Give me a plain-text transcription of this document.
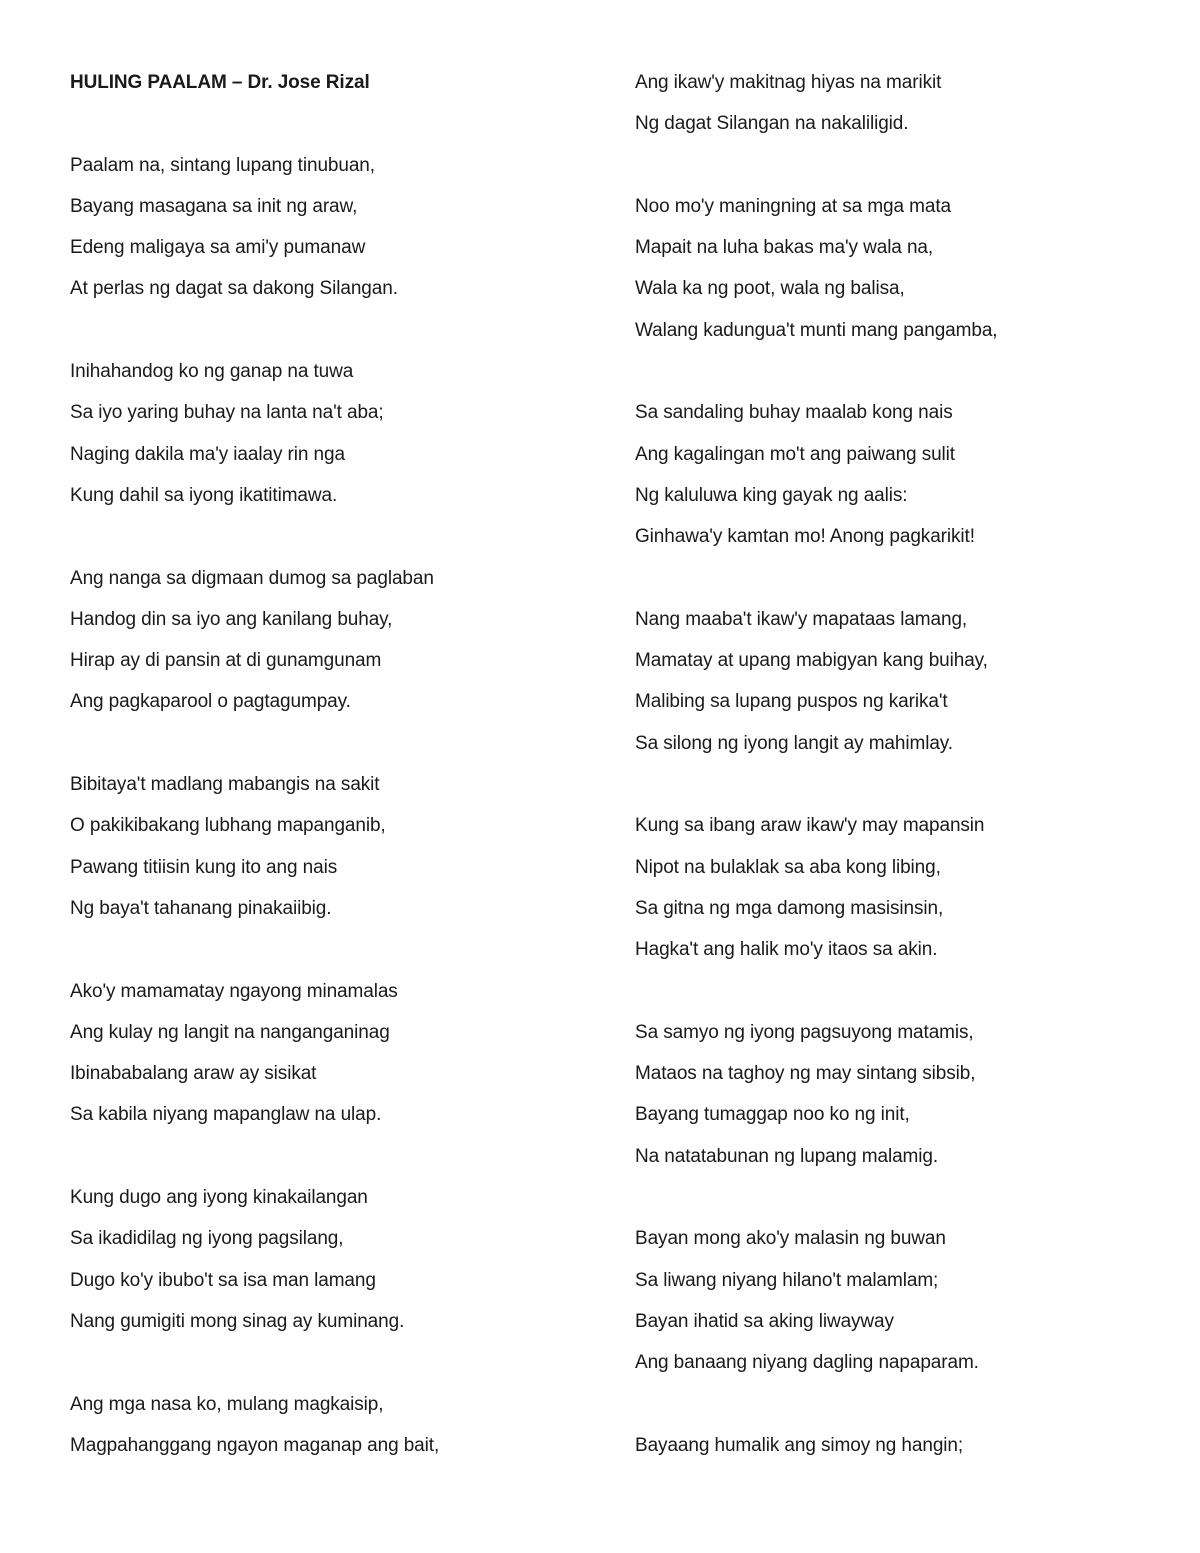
HULING PAALAM – Dr. Jose Rizal
Paalam na, sintang lupang tinubuan,
Bayang masagana sa init ng araw,
Edeng maligaya sa ami'y pumanaw
At perlas ng dagat sa dakong Silangan.
Inihahandog ko ng ganap na tuwa
Sa iyo yaring buhay na lanta na't aba;
Naging dakila ma'y iaalay rin nga
Kung dahil sa iyong ikatitimawa.
Ang nanga sa digmaan dumog sa paglaban
Handog din sa iyo ang kanilang buhay,
Hirap ay di pansin at di gunamgunam
Ang pagkaparool o pagtagumpay.
Bibitaya't madlang mabangis na sakit
O pakikibakang lubhang mapanganib,
Pawang titiisin kung ito ang nais
Ng baya't tahanang pinakaiibig.
Ako'y mamamatay ngayong minamalas
Ang kulay ng langit na nanganganinag
Ibinababalang araw ay sisikat
Sa kabila niyang mapanglaw na ulap.
Kung dugo ang iyong kinakailangan
Sa ikadidilag ng iyong pagsilang,
Dugo ko'y ibubo't sa isa man lamang
Nang gumigiti mong sinag ay kuminang.
Ang mga nasa ko, mulang magkaisip,
Magpahanggang ngayon maganap ang bait,
Ang ikaw'y makitnag hiyas na marikit
Ng dagat Silangan na nakaliligid.
Noo mo'y maningning at sa mga mata
Mapait na luha bakas ma'y wala na,
Wala ka ng poot, wala ng balisa,
Walang kadungua't munti mang pangamba,
Sa sandaling buhay maalab kong nais
Ang kagalingan mo't ang paiwang sulit
Ng kaluluwa king gayak ng aalis:
Ginhawa'y kamtan mo! Anong pagkarikit!
Nang maaba't ikaw'y mapataas lamang,
Mamatay at upang mabigyan kang buihay,
Malibing sa lupang puspos ng karika't
Sa silong ng iyong langit ay mahimlay.
Kung sa ibang araw ikaw'y may mapansin
Nipot na bulaklak sa aba kong libing,
Sa gitna ng mga damong masisinsin,
Hagka't ang halik mo'y itaos sa akin.
Sa samyo ng iyong pagsuyong matamis,
Mataos na taghoy ng may sintang sibsib,
Bayang tumaggap noo ko ng init,
Na natatabunan ng lupang malamig.
Bayan mong ako'y malasin ng buwan
Sa liwang niyang hilano't malamlam;
Bayan ihatid sa aking liwayway
Ang banaang niyang dagling napaparam.
Bayaang humalik ang simoy ng hangin;
